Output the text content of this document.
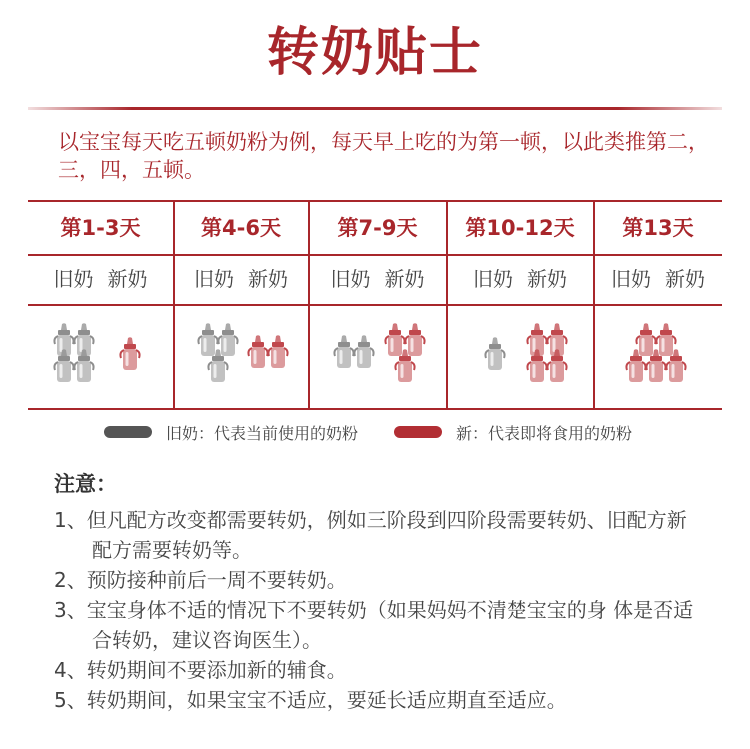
转奶贴士
以宝宝每天吃五顿奶粉为例，每天早上吃的为第一顿，以此类推第二，三，四，五顿。
第1-3天
旧奶 新奶
第4-6天
旧奶 新奶
第7-9天
旧奶 新奶
第10-12天
旧奶 新奶
第13天
旧奶 新奶
旧奶：代表当前使用的奶粉	新：代表即将食用的奶粉
注意：
1、但凡配方改变都需要转奶，例如三阶段到四阶段需要转奶、旧配方新
配方需要转奶等。
2、预防接种前后一周不要转奶。
3、宝宝身体不适的情况下不要转奶（如果妈妈不清楚宝宝的身 体是否适
合转奶，建议咨询医生）。
4、转奶期间不要添加新的辅食。
5、转奶期间，如果宝宝不适应，要延长适应期直至适应。
